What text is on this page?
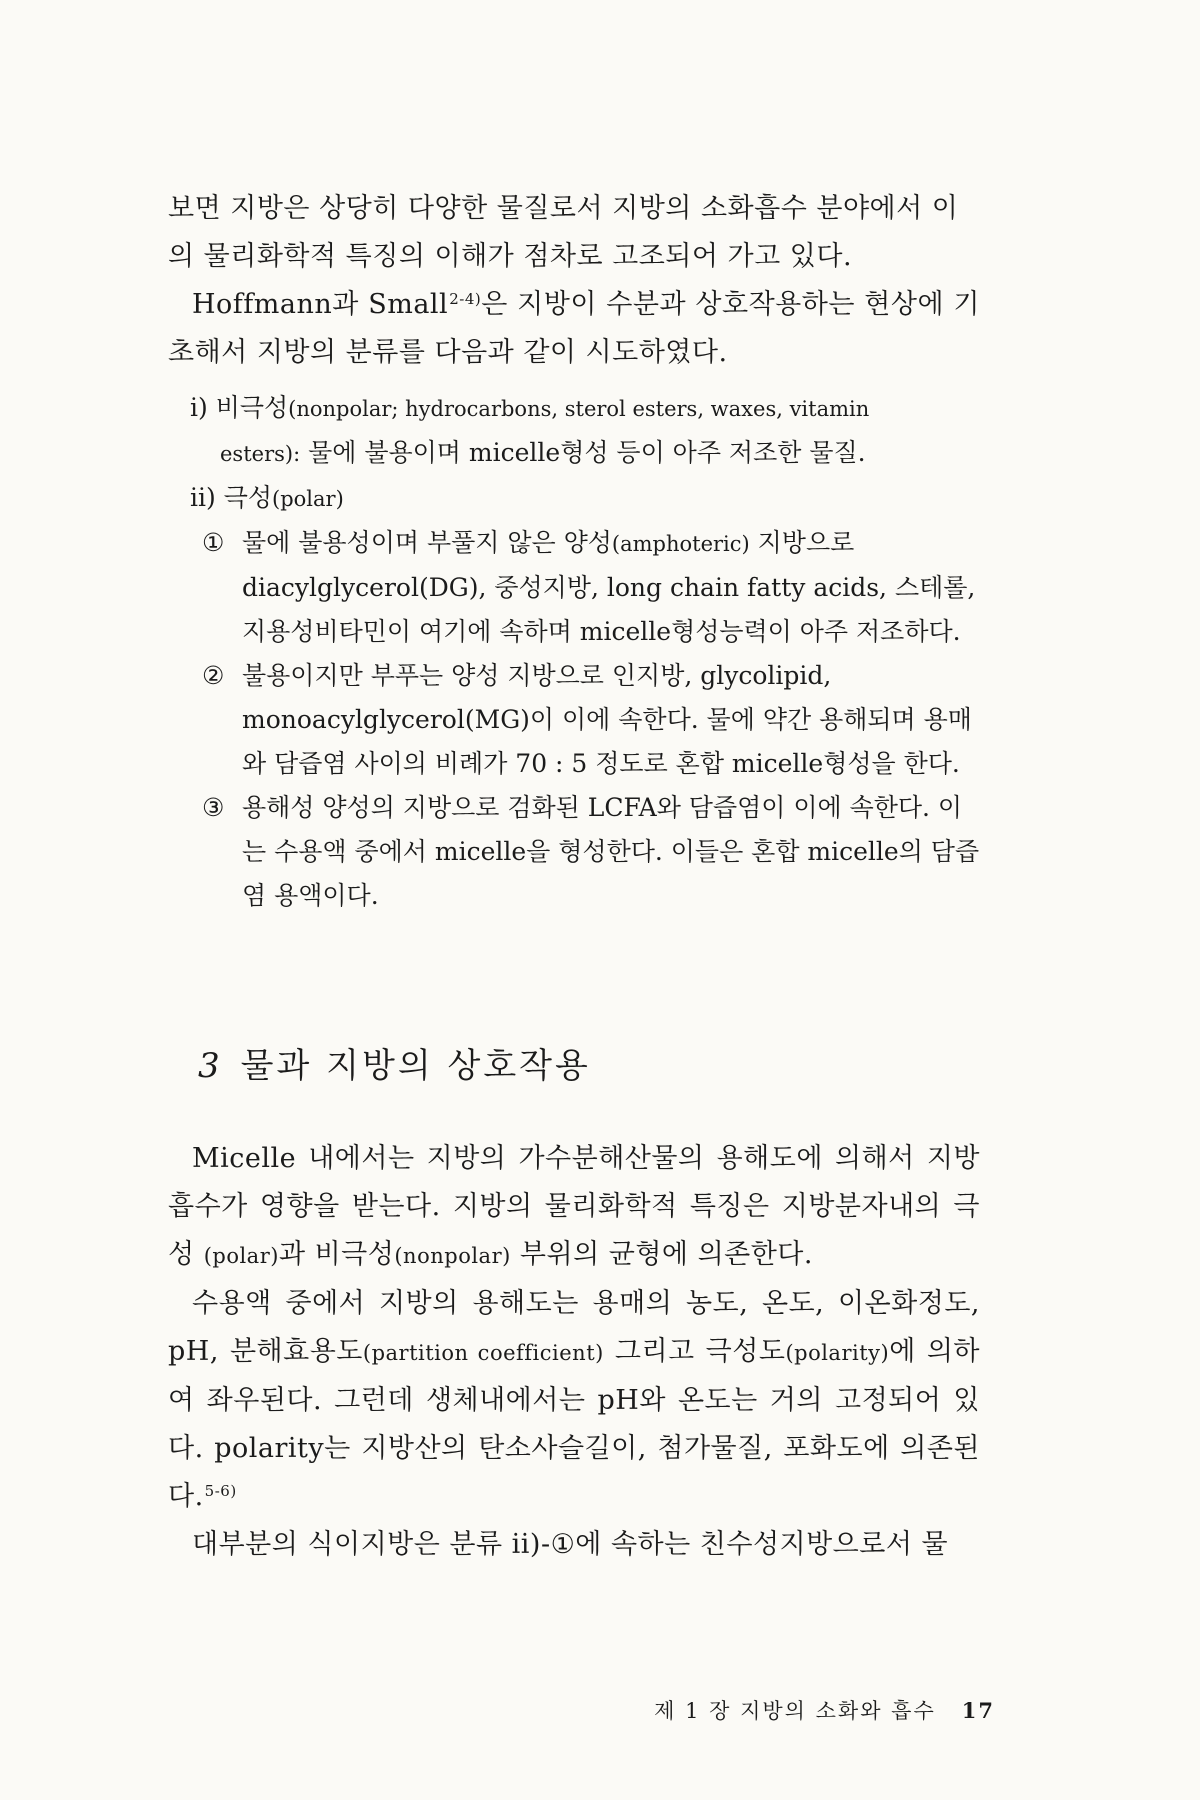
보면 지방은 상당히 다양한 물질로서 지방의 소화흡수 분야에서 이

의 물리화학적 특징의 이해가 점차로 고조되어 가고 있다.

Hoffmann과 Small$^{2-4)}$은 지방이 수분과 상호작용하는 현상에 기초해서 지방의 분류를 다음과 같이 시도하였다.

i) 비극성(nonpolar; hydrocarbons, sterol esters, waxes, vitamin
esters): 물에 불용이며 micelle형성 등이 아주 저조한 물질.
ii) 극성(polar)
① 물에 불용성이며 부풀지 않은 양성(amphoteric) 지방으로 diacylglycerol(DG), 중성지방, long chain fatty acids, 스테롤, 지용성비타민이 여기에 속하며 micelle형성능력이 아주 저조하다.
② 불용이지만 부푸는 양성 지방으로 인지방, glycolipid, monoacylglycerol(MG)이 이에 속한다. 물에 약간 용해되며 용매와 담즙염 사이의 비례가 70 : 5 정도로 혼합 micelle형성을 한다.
③ 용해성 양성의 지방으로 검화된 LCFA와 담즙염이 이에 속한다. 이는 수용액 중에서 micelle을 형성한다. 이들은 혼합 micelle의 담즙염 용액이다.
3 물과 지방의 상호작용

Micelle 내에서는 지방의 가수분해산물의 용해도에 의해서 지방흡수가 영향을 받는다. 지방의 물리화학적 특징은 지방분자내의 극성 (polar)과 비극성(nonpolar) 부위의 균형에 의존한다.

수용액 중에서 지방의 용해도는 용매의 농도, 온도, 이온화정도, pH, 분해효용도(partition coefficient) 그리고 극성도(polarity)에 의하여 좌우된다. 그런데 생체내에서는 pH와 온도는 거의 고정되어 있다. polarity는 지방산의 탄소사슬길이, 첨가물질, 포화도에 의존된다.$^{5-6)}$

대부분의 식이지방은 분류 ii)-①에 속하는 친수성지방으로서 물

제 1 장 지방의 소화와 흡수 17
